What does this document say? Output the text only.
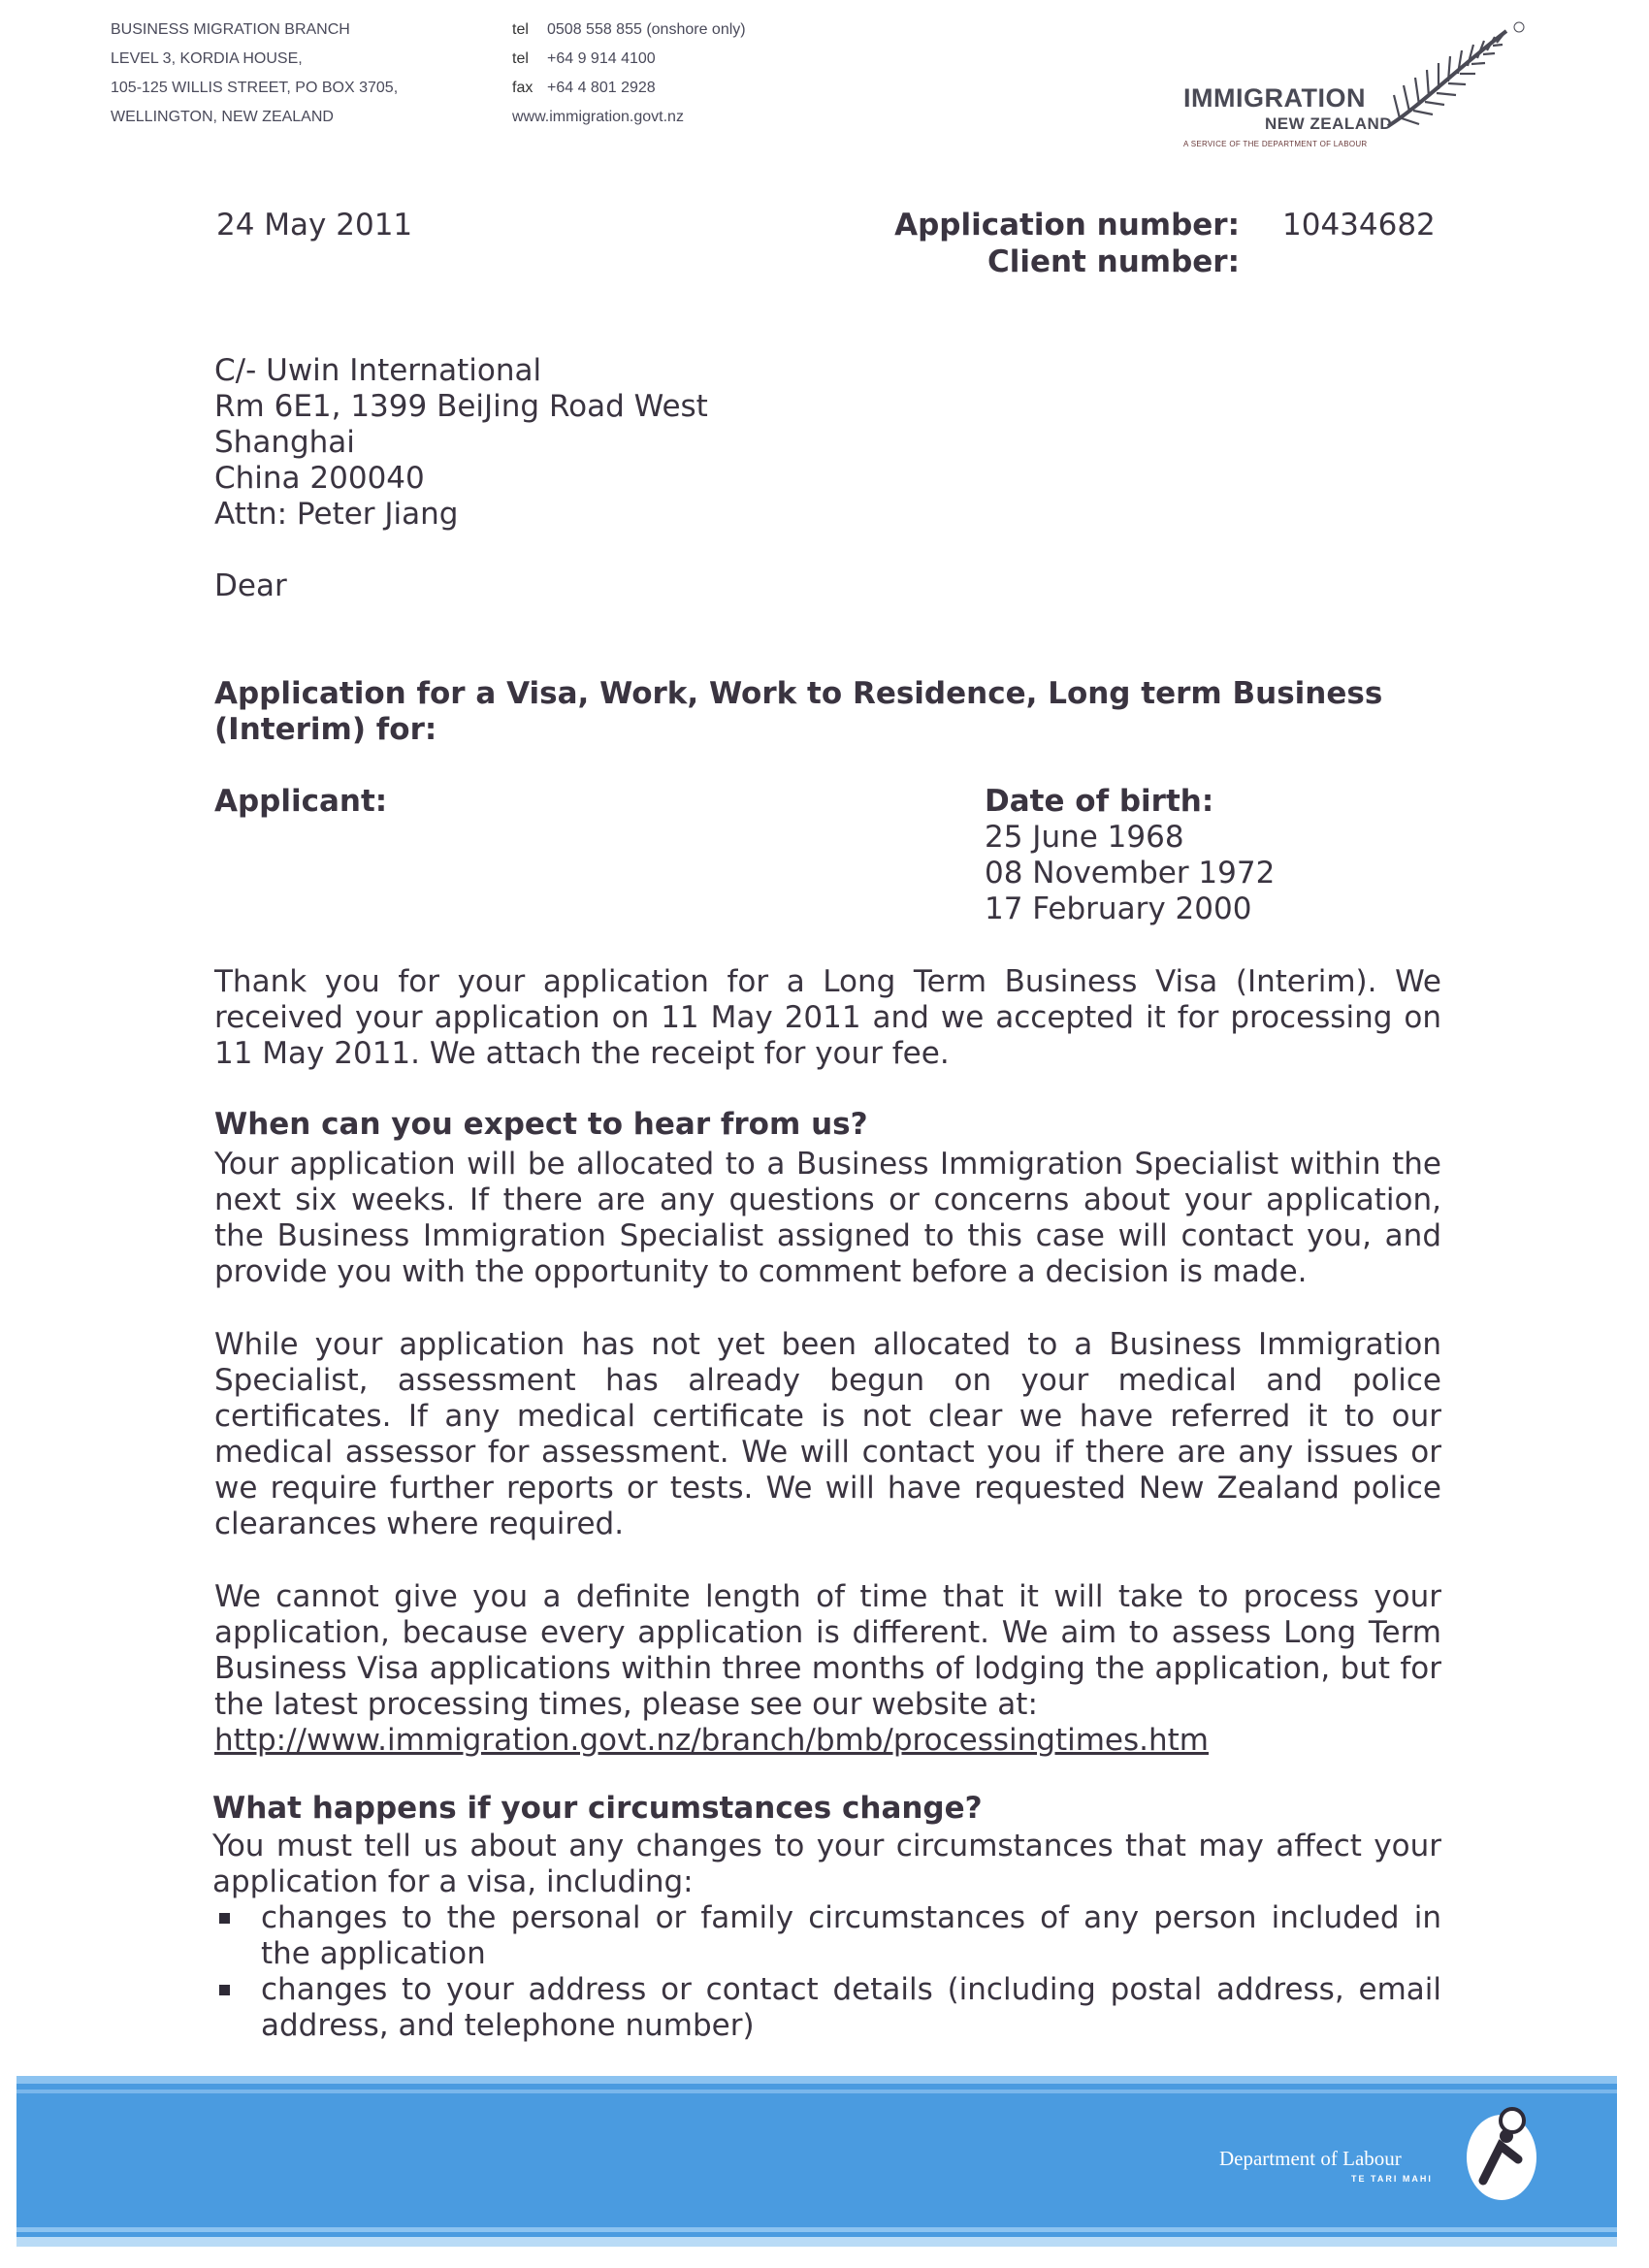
BUSINESS MIGRATION BRANCH
LEVEL 3, KORDIA HOUSE,
105-125 WILLIS STREET, PO BOX 3705,
WELLINGTON, NEW ZEALAND
tel 0508 558 855 (onshore only)
tel +64 9 914 4100
fax +64 4 801 2928
www.immigration.govt.nz
IMMIGRATION
NEW ZEALAND
A SERVICE OF THE DEPARTMENT OF LABOUR
24 May 2011	Application number: 10434682
Client number:
C/- Uwin International
Rm 6E1, 1399 BeiJing Road West
Shanghai
China 200040
Attn: Peter Jiang
Dear
Application for a Visa, Work, Work to Residence, Long term Business (Interim) for:
Applicant:	Date of birth:
25 June 1968
08 November 1972
17 February 2000

Thank you for your application for a Long Term Business Visa (Interim). We received your application on 11 May 2011 and we accepted it for processing on 11 May 2011. We attach the receipt for your fee.

When can you expect to hear from us?

Your application will be allocated to a Business Immigration Specialist within the next six weeks. If there are any questions or concerns about your application, the Business Immigration Specialist assigned to this case will contact you, and provide you with the opportunity to comment before a decision is made.

While your application has not yet been allocated to a Business Immigration Specialist, assessment has already begun on your medical and police certificates. If any medical certificate is not clear we have referred it to our medical assessor for assessment. We will contact you if there are any issues or we require further reports or tests. We will have requested New Zealand police clearances where required.

We cannot give you a definite length of time that it will take to process your application, because every application is different. We aim to assess Long Term Business Visa applications within three months of lodging the application, but for the latest processing times, please see our website at:
http://www.immigration.govt.nz/branch/bmb/processingtimes.htm

What happens if your circumstances change?

You must tell us about any changes to your circumstances that may affect your application for a visa, including:

changes to the personal or family circumstances of any person included in the application
changes to your address or contact details (including postal address, email address, and telephone number)
Department of Labour
TE TARI MAHI
